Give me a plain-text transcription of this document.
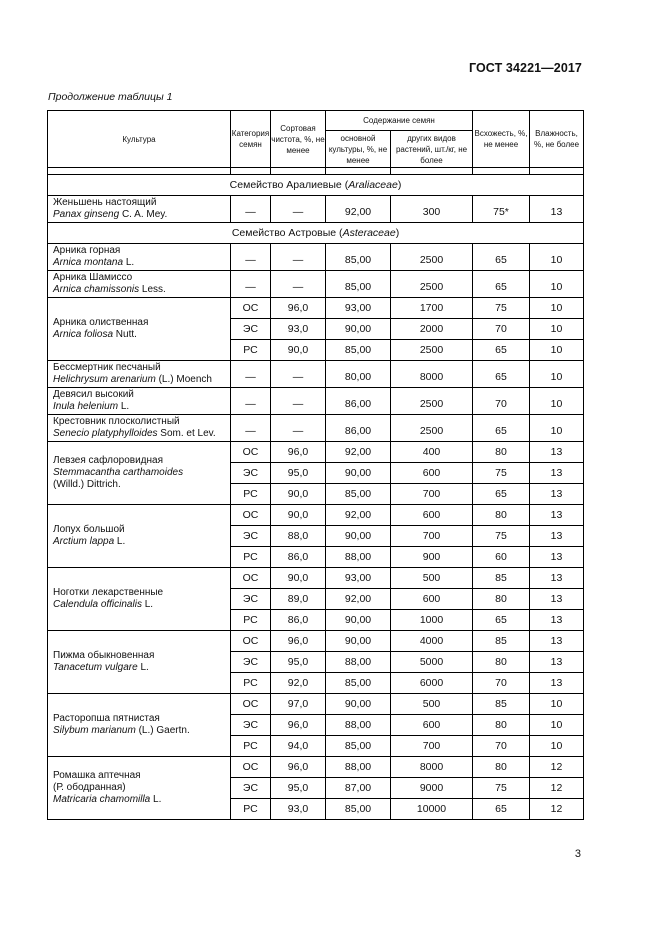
ГОСТ 34221—2017
Продолжение таблицы 1
Культура	Категория семян	Сортовая чистота, %, не менее	Содержание семян		Всхожесть, %, не менее	Влажность, %, не более
			основной культуры, %, не менее	других видов растений, шт./кг, не более		

Семейство Аралиевые (Araliaceae)						

Женьшень настоящий
Panax ginseng C. A. Mey.	—	—	92,00	300	75*	13
Семейство Астровые (Asteraceae)						

Арника горная
Arnica montana L.	—	—	85,00	2500	65	10

Арника Шамиссо
Arnica chamissonis Less.	—	—	85,00	2500	65	10

Арника олиственная
Arnica foliosa Nutt.	ОС	96,0	93,00	1700	75	10
	ЭС	93,0	90,00	2000	70	10
	РС	90,0	85,00	2500	65	10

Бессмертник песчаный
Helichrysum arenarium (L.) Moench	—	—	80,00	8000	65	10

Девясил высокий
Inula helenium L.	—	—	86,00	2500	70	10

Крестовник плосколистный
Senecio platyphylloides Som. et Lev.	—	—	86,00	2500	65	10

Левзея сафлоровидная
Stemmacantha carthamoides
(Willd.) Dittrich.	ОС	96,0	92,00	400	80	13
	ЭС	95,0	90,00	600	75	13
	РС	90,0	85,00	700	65	13

Лопух большой
Arctium lappa L.	ОС	90,0	92,00	600	80	13
	ЭС	88,0	90,00	700	75	13
	РС	86,0	88,00	900	60	13

Ноготки лекарственные
Calendula officinalis L.	ОС	90,0	93,00	500	85	13
	ЭС	89,0	92,00	600	80	13
	РС	86,0	90,00	1000	65	13

Пижма обыкновенная
Tanacetum vulgare L.	ОС	96,0	90,00	4000	85	13
	ЭС	95,0	88,00	5000	80	13
	РС	92,0	85,00	6000	70	13

Расторопша пятнистая
Silybum marianum (L.) Gaertn.	ОС	97,0	90,00	500	85	10
	ЭС	96,0	88,00	600	80	10
	РС	94,0	85,00	700	70	10

Ромашка аптечная
(Р. ободранная)
Matricaria chamomilla L.	ОС	96,0	88,00	8000	80	12
	ЭС	95,0	87,00	9000	75	12
	РС	93,0	85,00	10000	65	12
3
